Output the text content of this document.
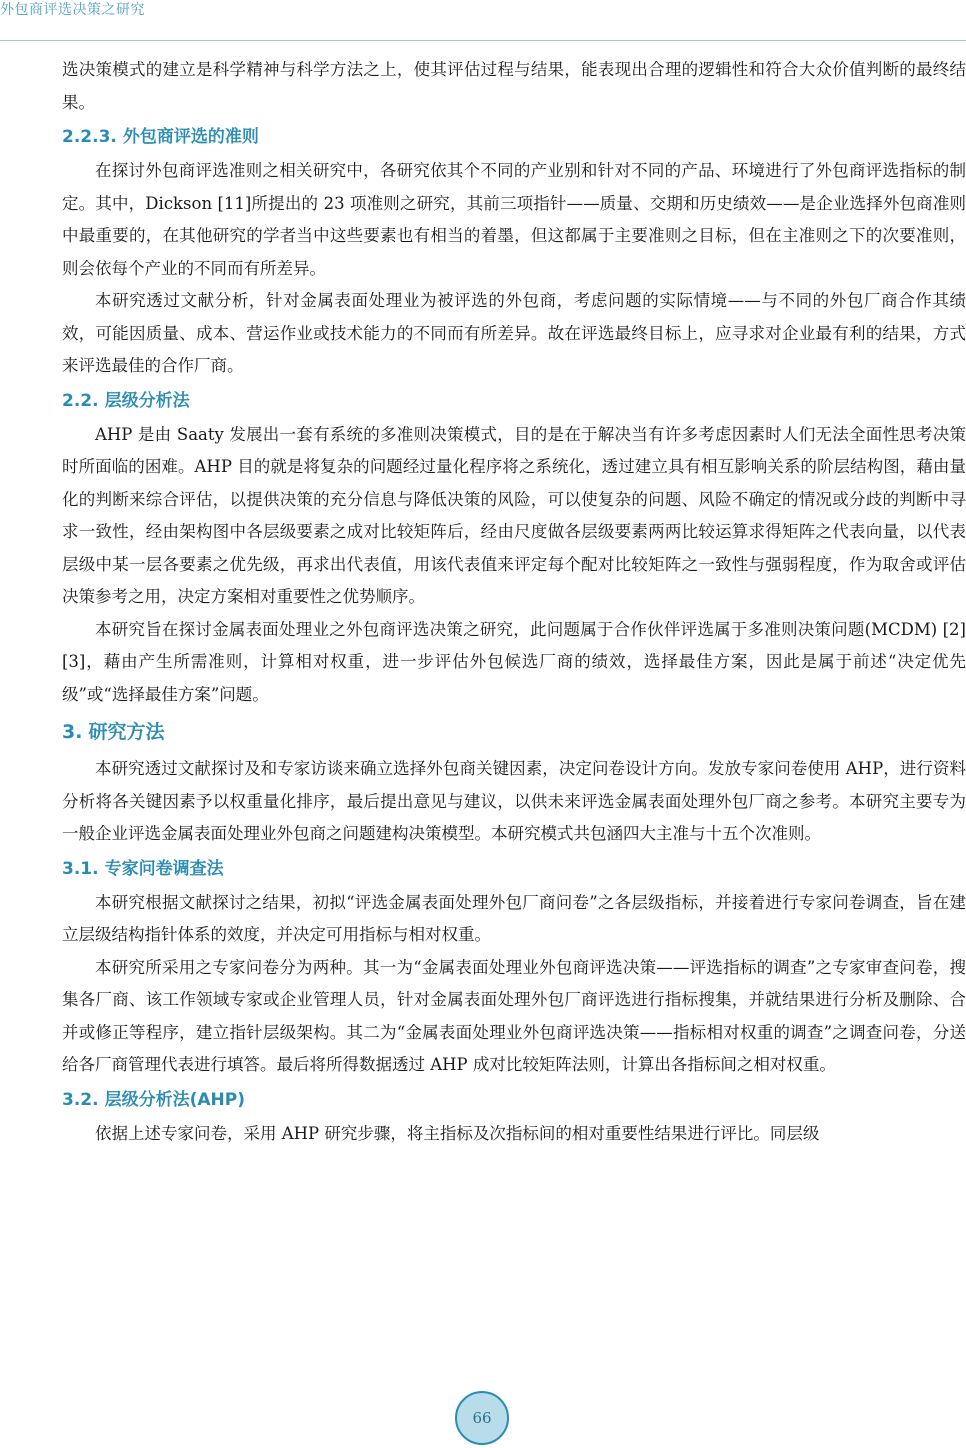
外包商评选决策之研究

选决策模式的建立是科学精神与科学方法之上，使其评估过程与结果，能表现出合理的逻辑性和符合大众价值判断的最终结果。

2.2.3. 外包商评选的准则

在探讨外包商评选准则之相关研究中，各研究依其个不同的产业别和针对不同的产品、环境进行了外包商评选指标的制定。其中，Dickson [11]所提出的 23 项准则之研究，其前三项指针——质量、交期和历史绩效——是企业选择外包商准则中最重要的，在其他研究的学者当中这些要素也有相当的着墨，但这都属于主要准则之目标，但在主准则之下的次要准则，则会依每个产业的不同而有所差异。

本研究透过文献分析，针对金属表面处理业为被评选的外包商，考虑问题的实际情境——与不同的外包厂商合作其绩效，可能因质量、成本、营运作业或技术能力的不同而有所差异。故在评选最终目标上，应寻求对企业最有利的结果，方式来评选最佳的合作厂商。

2.2. 层级分析法

AHP 是由 Saaty 发展出一套有系统的多准则决策模式，目的是在于解决当有许多考虑因素时人们无法全面性思考决策时所面临的困难。AHP 目的就是将复杂的问题经过量化程序将之系统化，透过建立具有相互影响关系的阶层结构图，藉由量化的判断来综合评估，以提供决策的充分信息与降低决策的风险，可以使复杂的问题、风险不确定的情况或分歧的判断中寻求一致性，经由架构图中各层级要素之成对比较矩阵后，经由尺度做各层级要素两两比较运算求得矩阵之代表向量，以代表层级中某一层各要素之优先级，再求出代表值，用该代表值来评定每个配对比较矩阵之一致性与强弱程度，作为取舍或评估决策参考之用，决定方案相对重要性之优势顺序。

本研究旨在探讨金属表面处理业之外包商评选决策之研究，此问题属于合作伙伴评选属于多准则决策问题(MCDM) [2] [3]，藉由产生所需准则，计算相对权重，进一步评估外包候选厂商的绩效，选择最佳方案，因此是属于前述“决定优先级”或“选择最佳方案”问题。

3. 研究方法

本研究透过文献探讨及和专家访谈来确立选择外包商关键因素，决定问卷设计方向。发放专家问卷使用 AHP，进行资料分析将各关键因素予以权重量化排序，最后提出意见与建议，以供未来评选金属表面处理外包厂商之参考。本研究主要专为一般企业评选金属表面处理业外包商之问题建构决策模型。本研究模式共包涵四大主准与十五个次准则。

3.1. 专家问卷调查法

本研究根据文献探讨之结果，初拟“评选金属表面处理外包厂商问卷”之各层级指标，并接着进行专家问卷调查，旨在建立层级结构指针体系的效度，并决定可用指标与相对权重。

本研究所采用之专家问卷分为两种。其一为“金属表面处理业外包商评选决策——评选指标的调查”之专家审查问卷，搜集各厂商、该工作领域专家或企业管理人员，针对金属表面处理外包厂商评选进行指标搜集，并就结果进行分析及删除、合并或修正等程序，建立指针层级架构。其二为“金属表面处理业外包商评选决策——指标相对权重的调查”之调查问卷，分送给各厂商管理代表进行填答。最后将所得数据透过 AHP 成对比较矩阵法则，计算出各指标间之相对权重。

3.2. 层级分析法(AHP)

依据上述专家问卷，采用 AHP 研究步骤，将主指标及次指标间的相对重要性结果进行评比。同层级

66
